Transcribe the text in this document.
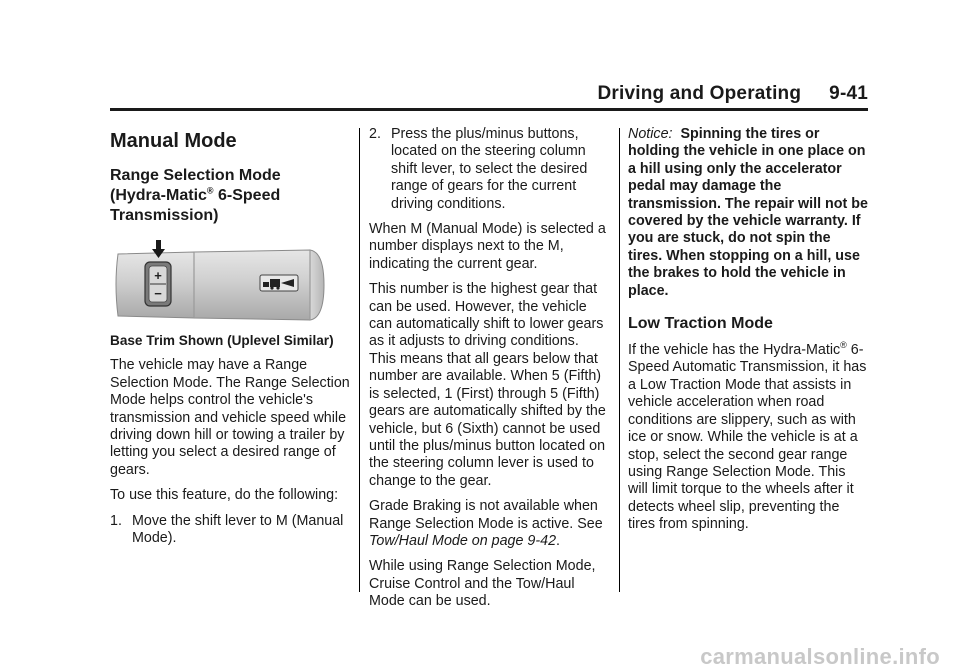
Driving and Operating 9-41
Manual Mode
Range Selection Mode
(Hydra-Matic® 6-Speed
Transmission)
+
−

Base Trim Shown (Uplevel Similar)

The vehicle may have a Range Selection Mode. The Range Selection Mode helps control the vehicle's transmission and vehicle speed while driving down hill or towing a trailer by letting you select a desired range of gears.

To use this feature, do the following:

1. Move the shift lever to M (Manual Mode).
2. Press the plus/minus buttons, located on the steering column shift lever, to select the desired range of gears for the current driving conditions.

When M (Manual Mode) is selected a number displays next to the M, indicating the current gear.

This number is the highest gear that can be used. However, the vehicle can automatically shift to lower gears as it adjusts to driving conditions. This means that all gears below that number are available. When 5 (Fifth) is selected, 1 (First) through 5 (Fifth) gears are automatically shifted by the vehicle, but 6 (Sixth) cannot be used until the plus/minus button located on the steering column lever is used to change to the gear.

Grade Braking is not available when Range Selection Mode is active. See Tow/Haul Mode on page 9-42.

While using Range Selection Mode, Cruise Control and the Tow/Haul Mode can be used.

Notice: Spinning the tires or holding the vehicle in one place on a hill using only the accelerator pedal may damage the transmission. The repair will not be covered by the vehicle warranty. If you are stuck, do not spin the tires. When stopping on a hill, use the brakes to hold the vehicle in place.

Low Traction Mode

If the vehicle has the Hydra-Matic® 6-Speed Automatic Transmission, it has a Low Traction Mode that assists in vehicle acceleration when road conditions are slippery, such as with ice or snow. While the vehicle is at a stop, select the second gear range using Range Selection Mode. This will limit torque to the wheels after it detects wheel slip, preventing the tires from spinning.

carmanualsonline.info
